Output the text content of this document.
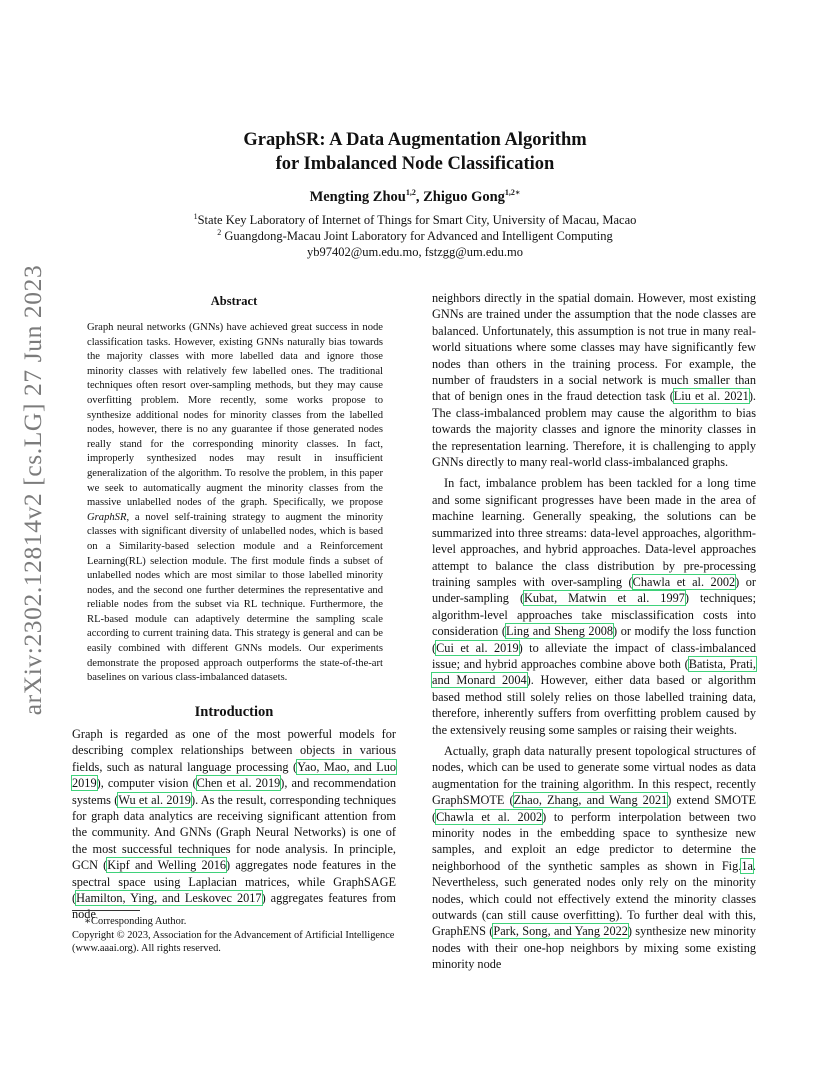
arXiv:2302.12814v2 [cs.LG] 27 Jun 2023
GraphSR: A Data Augmentation Algorithm
for Imbalanced Node Classification
Mengting Zhou$^{1,2}$, Zhiguo Gong$^{1,2∗}$
$^1$State Key Laboratory of Internet of Things for Smart City, University of Macau, Macao
$^2$ Guangdong-Macau Joint Laboratory for Advanced and Intelligent Computing
yb97402@um.edu.mo, fstzgg@um.edu.mo
Abstract

Graph neural networks (GNNs) have achieved great success in node classification tasks. However, existing GNNs naturally bias towards the majority classes with more labelled data and ignore those minority classes with relatively few labelled ones. The traditional techniques often resort over-sampling methods, but they may cause overfitting problem. More recently, some works propose to synthesize additional nodes for minority classes from the labelled nodes, however, there is no any guarantee if those generated nodes really stand for the corresponding minority classes. In fact, improperly synthesized nodes may result in insufficient generalization of the algorithm. To resolve the problem, in this paper we seek to automatically augment the minority classes from the massive unlabelled nodes of the graph. Specifically, we propose GraphSR, a novel self-training strategy to augment the minority classes with significant diversity of unlabelled nodes, which is based on a Similarity-based selection module and a Reinforcement Learning(RL) selection module. The first module finds a subset of unlabelled nodes which are most similar to those labelled minority nodes, and the second one further determines the representative and reliable nodes from the subset via RL technique. Furthermore, the RL-based module can adaptively determine the sampling scale according to current training data. This strategy is general and can be easily combined with different GNNs models. Our experiments demonstrate the proposed approach outperforms the state-of-the-art baselines on various class-imbalanced datasets.

Introduction

Graph is regarded as one of the most powerful models for describing complex relationships between objects in various fields, such as natural language processing (Yao, Mao, and Luo 2019), computer vision (Chen et al. 2019), and recommendation systems (Wu et al. 2019). As the result, corresponding techniques for graph data analytics are receiving significant attention from the community. And GNNs (Graph Neural Networks) is one of the most successful techniques for node analysis. In principle, GCN (Kipf and Welling 2016) aggregates node features in the spectral space using Laplacian matrices, while GraphSAGE (Hamilton, Ying, and Leskovec 2017) aggregates features from node

∗Corresponding Author.
Copyright © 2023, Association for the Advancement of Artificial Intelligence (www.aaai.org). All rights reserved.

neighbors directly in the spatial domain. However, most existing GNNs are trained under the assumption that the node classes are balanced. Unfortunately, this assumption is not true in many real-world situations where some classes may have significantly few nodes than others in the training process. For example, the number of fraudsters in a social network is much smaller than that of benign ones in the fraud detection task (Liu et al. 2021). The class-imbalanced problem may cause the algorithm to bias towards the majority classes and ignore the minority classes in the representation learning. Therefore, it is challenging to apply GNNs directly to many real-world class-imbalanced graphs.

In fact, imbalance problem has been tackled for a long time and some significant progresses have been made in the area of machine learning. Generally speaking, the solutions can be summarized into three streams: data-level approaches, algorithm-level approaches, and hybrid approaches. Data-level approaches attempt to balance the class distribution by pre-processing training samples with over-sampling (Chawla et al. 2002) or under-sampling (Kubat, Matwin et al. 1997) techniques; algorithm-level approaches take misclassification costs into consideration (Ling and Sheng 2008) or modify the loss function (Cui et al. 2019) to alleviate the impact of class-imbalanced issue; and hybrid approaches combine above both (Batista, Prati, and Monard 2004). However, either data based or algorithm based method still solely relies on those labelled training data, therefore, inherently suffers from overfitting problem caused by the extensively reusing some samples or raising their weights.

Actually, graph data naturally present topological structures of nodes, which can be used to generate some virtual nodes as data augmentation for the training algorithm. In this respect, recently GraphSMOTE (Zhao, Zhang, and Wang 2021) extend SMOTE (Chawla et al. 2002) to perform interpolation between two minority nodes in the embedding space to synthesize new samples, and exploit an edge predictor to determine the neighborhood of the synthetic samples as shown in Fig.1a. Nevertheless, such generated nodes only rely on the minority nodes, which could not effectively extend the minority classes outwards (can still cause overfitting). To further deal with this, GraphENS (Park, Song, and Yang 2022) synthesize new minority nodes with their one-hop neighbors by mixing some existing minority node
